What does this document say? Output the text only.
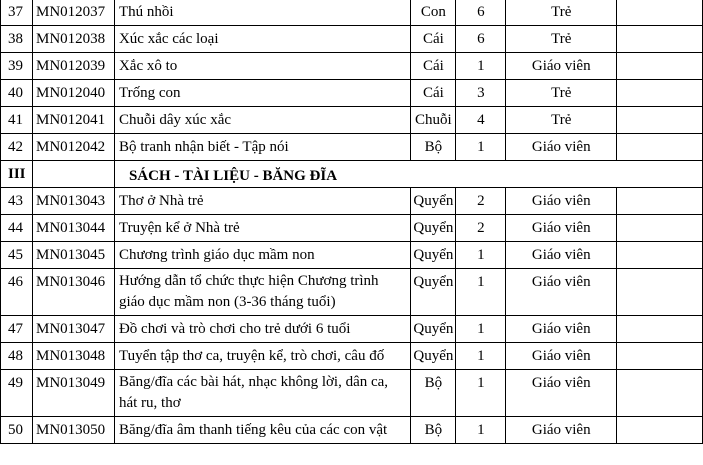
37	MN012037	Thú nhồi	Con	6	Trẻ	
38	MN012038	Xúc xắc các loại	Cái	6	Trẻ	
39	MN012039	Xắc xô to	Cái	1	Giáo viên	
40	MN012040	Trống con	Cái	3	Trẻ	
41	MN012041	Chuỗi dây xúc xắc	Chuỗi	4	Trẻ	
42	MN012042	Bộ tranh nhận biết - Tập nói	Bộ	1	Giáo viên	
III		SÁCH - TÀI LIỆU - BĂNG ĐĨA				
43	MN013043	Thơ ở Nhà trẻ	Quyển	2	Giáo viên	
44	MN013044	Truyện kể ở Nhà trẻ	Quyển	2	Giáo viên	
45	MN013045	Chương trình giáo dục mầm non	Quyển	1	Giáo viên	
46	MN013046	Hướng dẫn tổ chức thực hiện Chương trình giáo dục mầm non (3-36 tháng tuổi)	Quyển	1	Giáo viên	
47	MN013047	Đồ chơi và trò chơi cho trẻ dưới 6 tuổi	Quyển	1	Giáo viên	
48	MN013048	Tuyển tập thơ ca, truyện kể, trò chơi, câu đố	Quyển	1	Giáo viên	
49	MN013049	Băng/đĩa các bài hát, nhạc không lời, dân ca, hát ru, thơ	Bộ	1	Giáo viên	
50	MN013050	Băng/đĩa âm thanh tiếng kêu của các con vật	Bộ	1	Giáo viên	
